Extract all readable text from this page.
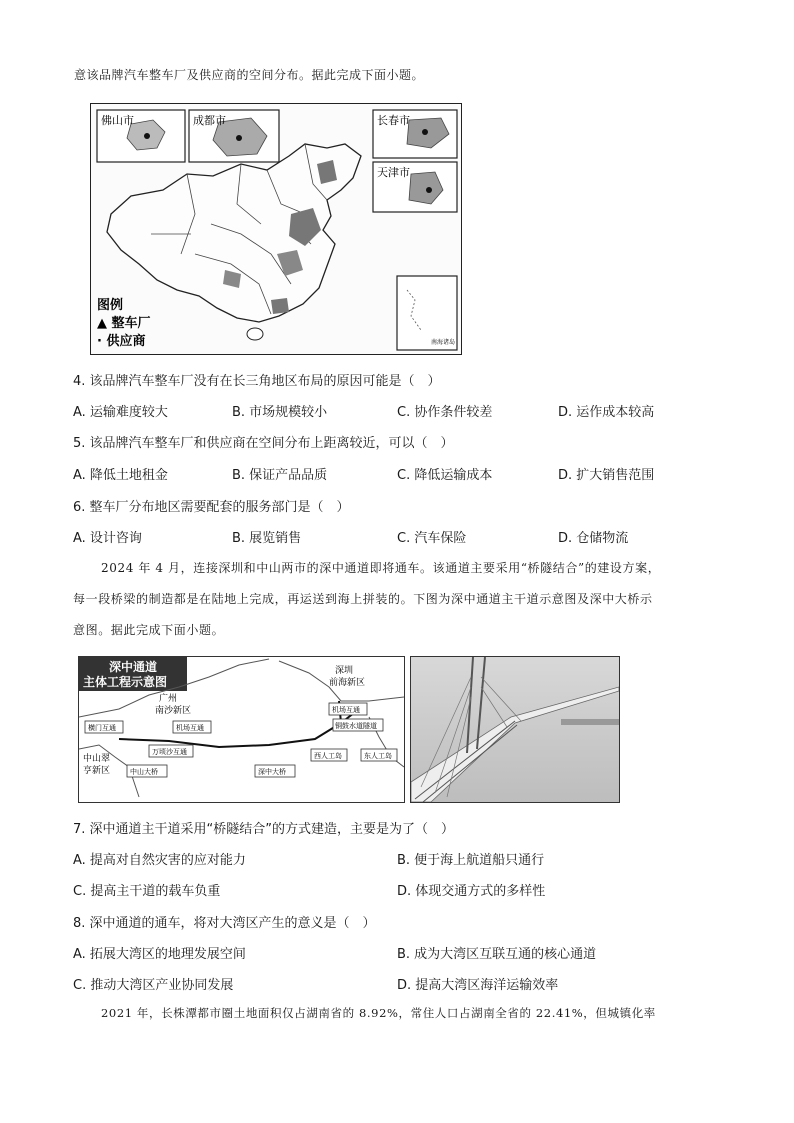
意该品牌汽车整车厂及供应商的空间分布。据此完成下面小题。
图例
▲ 整车厂
· 供应商
佛山市	成都市	长春市
天津市
南海诸岛
4. 该品牌汽车整车厂没有在长三角地区布局的原因可能是（　）
A. 运输难度较大	B. 市场规模较小	C. 协作条件较差	D. 运作成本较高
5. 该品牌汽车整车厂和供应商在空间分布上距离较近，可以（　）
A. 降低土地租金	B. 保证产品品质	C. 降低运输成本	D. 扩大销售范围
6. 整车厂分布地区需要配套的服务部门是（　）
A. 设计咨询	B. 展览销售	C. 汽车保险	D. 仓储物流
2024 年 4 月，连接深圳和中山两市的深中通道即将通车。该通道主要采用“桥隧结合”的建设方案，
每一段桥梁的制造都是在陆地上完成，再运送到海上拼装的。下图为深中通道主干道示意图及深中大桥示
意图。据此完成下面小题。
深中通道
主体工程示意图
广州
南沙新区
深圳
前海新区
中山翠
亨新区
横门互通	机场互通
万顷沙互通
中山大桥	深中大桥
西人工岛	东人工岛
机场互通
铜鼓水道隧道
7. 深中通道主干道采用“桥隧结合”的方式建造，主要是为了（　）
A. 提高对自然灾害的应对能力	B. 便于海上航道船只通行
C. 提高主干道的载车负重	D. 体现交通方式的多样性
8. 深中通道的通车，将对大湾区产生的意义是（　）
A. 拓展大湾区的地理发展空间	B. 成为大湾区互联互通的核心通道
C. 推动大湾区产业协同发展	D. 提高大湾区海洋运输效率
2021 年，长株潭都市圈土地面积仅占湖南省的 8.92%，常住人口占湖南全省的 22.41%，但城镇化率
